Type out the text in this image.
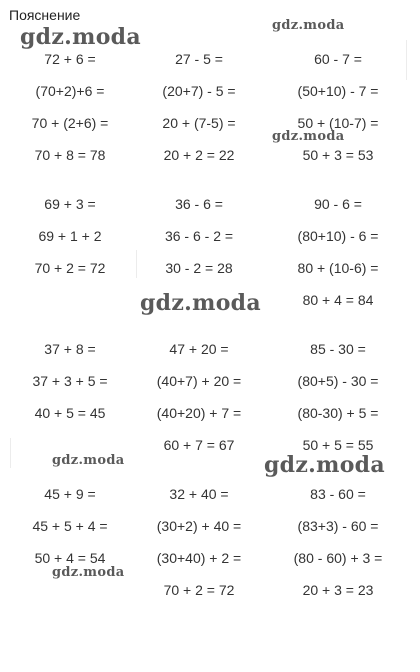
Пояснение
72 + 6 =
(70+2)+6 =
70 + (2+6) =
70 + 8 = 78
69 + 3 =
69 + 1 + 2
70 + 2 = 72
37 + 8 =
37 + 3 + 5 =
40 + 5 = 45
45 + 9 =
45 + 5 + 4 =
50 + 4 = 54
27 - 5 =
(20+7) - 5 =
20 + (7-5) =
20 + 2 = 22
36 - 6 =
36 - 6 - 2 =
30 - 2 = 28
47 + 20 =
(40+7) + 20 =
(40+20) + 7 =
60 + 7 = 67
32 + 40 =
(30+2) + 40 =
(30+40) + 2 =
70 + 2 = 72
60 - 7 =
(50+10) - 7 =
50 + (10-7) =
50 + 3 = 53
90 - 6 =
(80+10) - 6 =
80 + (10-6) =
80 + 4 = 84
85 - 30 =
(80+5) - 30 =
(80-30) + 5 =
50 + 5 = 55
83 - 60 =
(83+3) - 60 =
(80 - 60) + 3 =
20 + 3 = 23
gdz.moda	gdz.moda
gdz.moda
gdz.moda
gdz.moda	gdz.moda
gdz.moda
